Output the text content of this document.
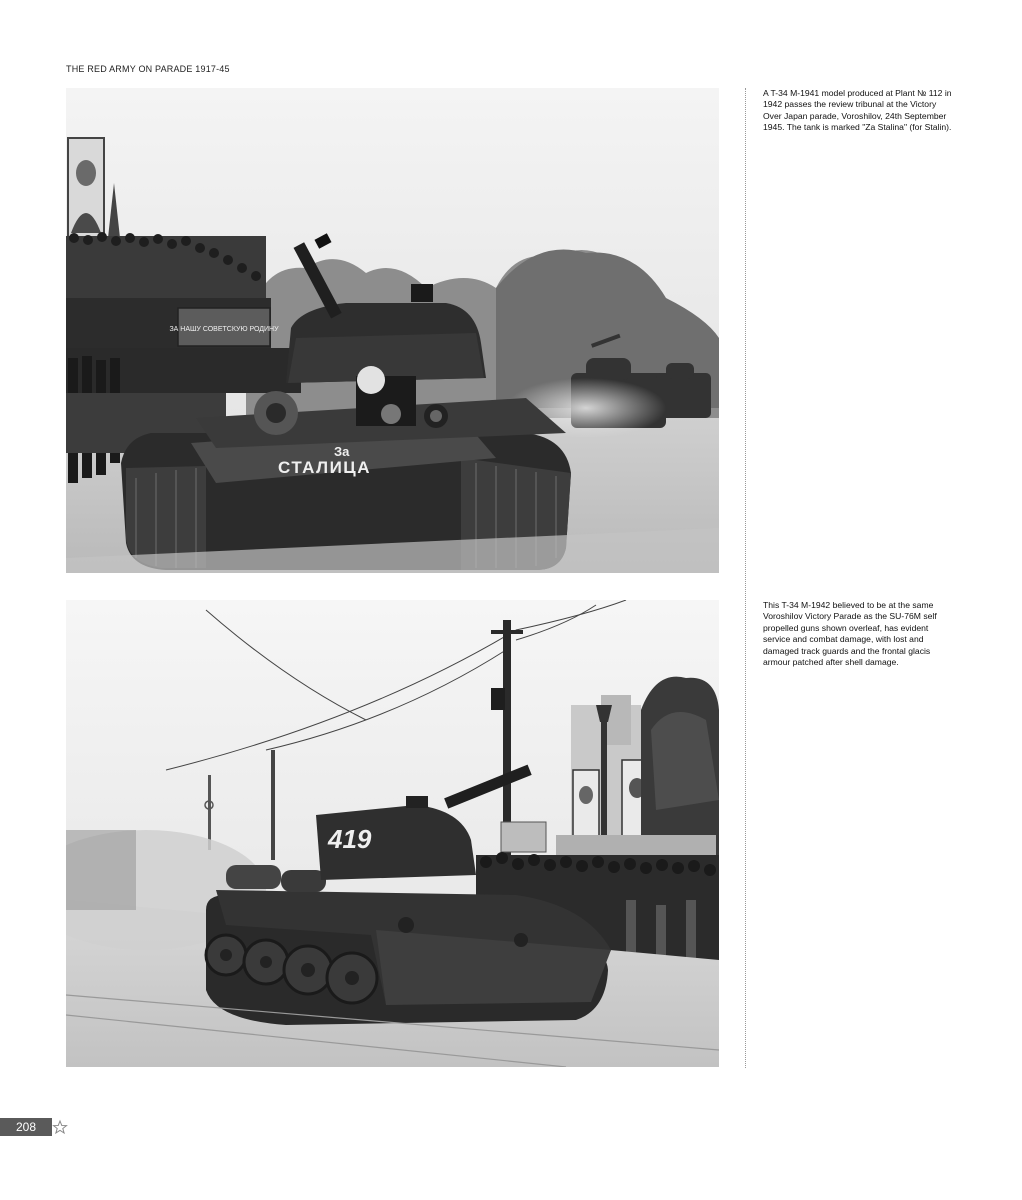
THE RED ARMY ON PARADE 1917-45
ЗА НАШУ СОВЕТСКУЮ РОДИНУ
За
СТАЛИЦА
419

A T-34 M-1941 model produced at Plant № 112 in 1942 passes the review tribunal at the Victory Over Japan parade, Voroshilov, 24th September 1945. The tank is marked "Za Stalina" (for Stalin).

This T-34 M-1942 believed to be at the same Voroshilov Victory Parade as the SU-76M self propelled guns shown overleaf, has evident service and combat damage, with lost and damaged track guards and the frontal glacis armour patched after shell damage.

208
